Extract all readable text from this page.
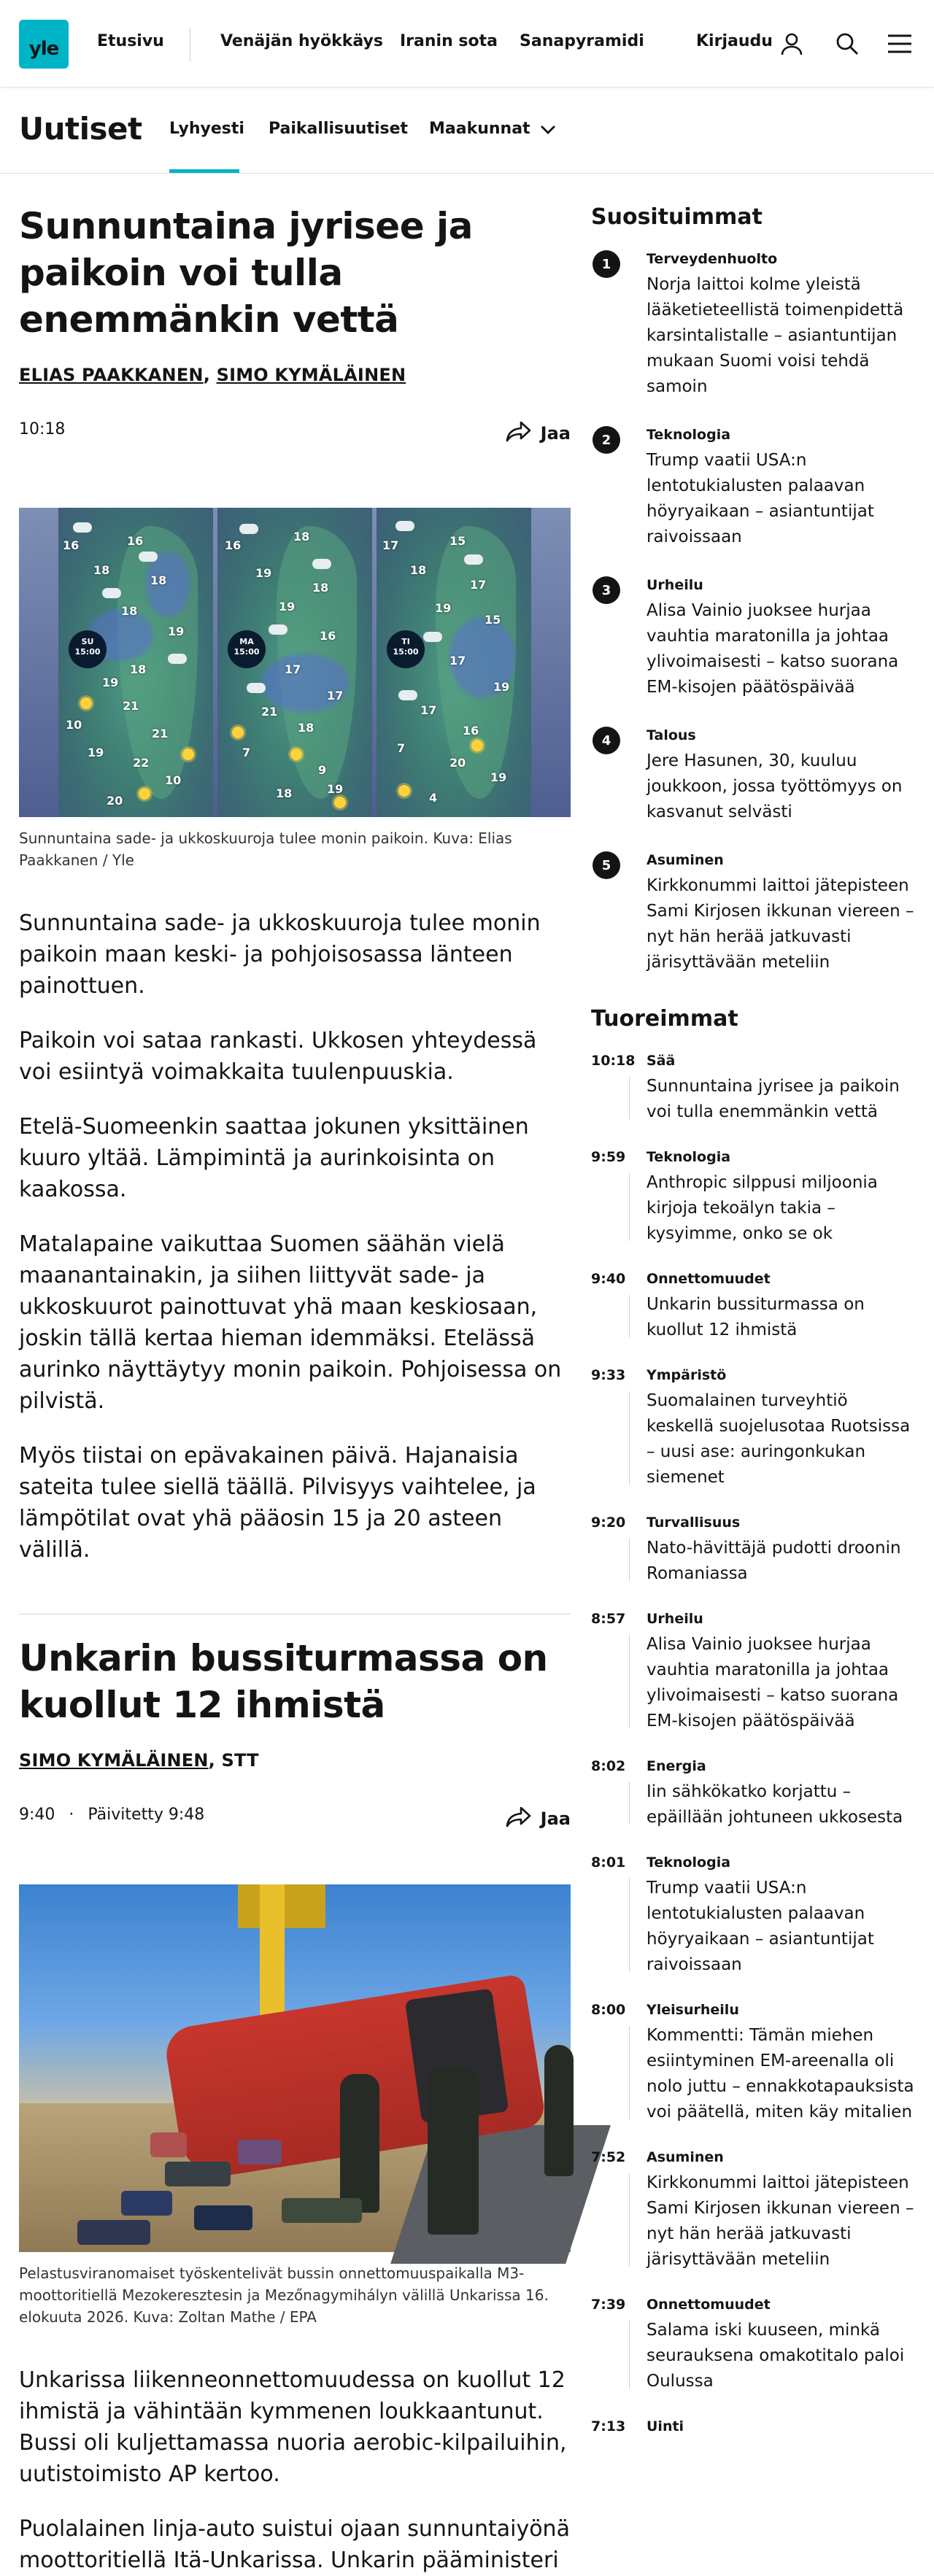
yle	Etusivu	Venäjän hyökkäys Iranin sota Sanapyramidi	Kirjaudu
Uutiset Lyhyesti Paikallisuutiset Maakunnat
Sunnuntaina jyrisee ja paikoin voi tulla enemmänkin vettä
ELIAS PAAKKANEN, SIMO KYMÄLÄINEN
10:18	Jaa
SU
15:00
16	16
18
18
18
19
18
19
10
21
21
19
22
10
20
MA
15:00
16
18
19
18
19
16
17
17
21
18
7
9
18	19
TI
15:00
17	15
18
17
19
15
17
19
17
16
7
20
19
4
Sunnuntaina sade- ja ukkoskuuroja tulee monin paikoin. Kuva: Elias Paakkanen / Yle

Sunnuntaina sade- ja ukkoskuuroja tulee monin paikoin maan keski- ja pohjoisosassa länteen painottuen.

Paikoin voi sataa rankasti. Ukkosen yhteydessä voi esiintyä voimakkaita tuulenpuuskia.

Etelä-Suomeenkin saattaa jokunen yksittäinen kuuro yltää. Lämpimintä ja aurinkoisinta on kaakossa.

Matalapaine vaikuttaa Suomen säähän vielä maanantainakin, ja siihen liittyvät sade- ja ukkoskuurot painottuvat yhä maan keskiosaan, joskin tällä kertaa hieman idemmäksi. Etelässä aurinko näyttäytyy monin paikoin. Pohjoisessa on pilvistä.

Myös tiistai on epävakainen päivä. Hajanaisia sateita tulee siellä täällä. Pilvisyys vaihtelee, ja lämpötilat ovat yhä pääosin 15 ja 20 asteen välillä.

Unkarin bussiturmassa on kuollut 12 ihmistä
SIMO KYMÄLÄINEN, STT
9:40 · Päivitetty 9:48	Jaa
Pelastusviranomaiset työskentelivät bussin onnettomuuspaikalla M3-moottoritiellä Mezokeresztesin ja Mezőnagymihályn välillä Unkarissa 16. elokuuta 2026. Kuva: Zoltan Mathe / EPA

Unkarissa liikenneonnettomuudessa on kuollut 12 ihmistä ja vähintään kymmenen loukkaantunut. Bussi oli kuljettamassa nuoria aerobic-kilpailuihin, uutistoimisto AP kertoo.

Puolalainen linja-auto suistui ojaan sunnuntaiyönä moottoritiellä Itä-Unkarissa. Unkarin pääministeri

Suosituimmat
1	Terveydenhuolto
Norja laittoi kolme yleistä lääketieteellistä toimenpidettä karsintalistalle – asiantuntijan mukaan Suomi voisi tehdä samoin
2	Teknologia
Trump vaatii USA:n lentotukialusten palaavan höyryaikaan – asiantuntijat raivoissaan
3	Urheilu
Alisa Vainio juoksee hurjaa vauhtia maratonilla ja johtaa ylivoimaisesti – katso suorana EM-kisojen päätöspäivää
4	Talous
Jere Hasunen, 30, kuuluu joukkoon, jossa työttömyys on kasvanut selvästi
5	Asuminen
Kirkkonummi laittoi jätepisteen Sami Kirjosen ikkunan viereen – nyt hän herää jatkuvasti järisyttävään meteliin
Tuoreimmat
10:18 Sää
Sunnuntaina jyrisee ja paikoin voi tulla enemmänkin vettä
9:59 Teknologia
Anthropic silppusi miljoonia kirjoja tekoälyn takia – kysyimme, onko se ok
9:40 Onnettomuudet
Unkarin bussiturmassa on kuollut 12 ihmistä
9:33 Ympäristö
Suomalainen turveyhtiö keskellä suojelusotaa Ruotsissa – uusi ase: auringonkukan siemenet
9:20 Turvallisuus
Nato-hävittäjä pudotti droonin Romaniassa
8:57 Urheilu
Alisa Vainio juoksee hurjaa vauhtia maratonilla ja johtaa ylivoimaisesti – katso suorana EM-kisojen päätöspäivää
8:02 Energia
Iin sähkökatko korjattu – epäillään johtuneen ukkosesta
8:01 Teknologia
Trump vaatii USA:n lentotukialusten palaavan höyryaikaan – asiantuntijat raivoissaan
8:00 Yleisurheilu
Kommentti: Tämän miehen esiintyminen EM-areenalla oli nolo juttu – ennakkotapauksista voi päätellä, miten käy mitalien
7:52 Asuminen
Kirkkonummi laittoi jätepisteen Sami Kirjosen ikkunan viereen – nyt hän herää jatkuvasti järisyttävään meteliin
7:39 Onnettomuudet
Salama iski kuuseen, minkä seurauksena omakotitalo paloi Oulussa
7:13 Uinti
